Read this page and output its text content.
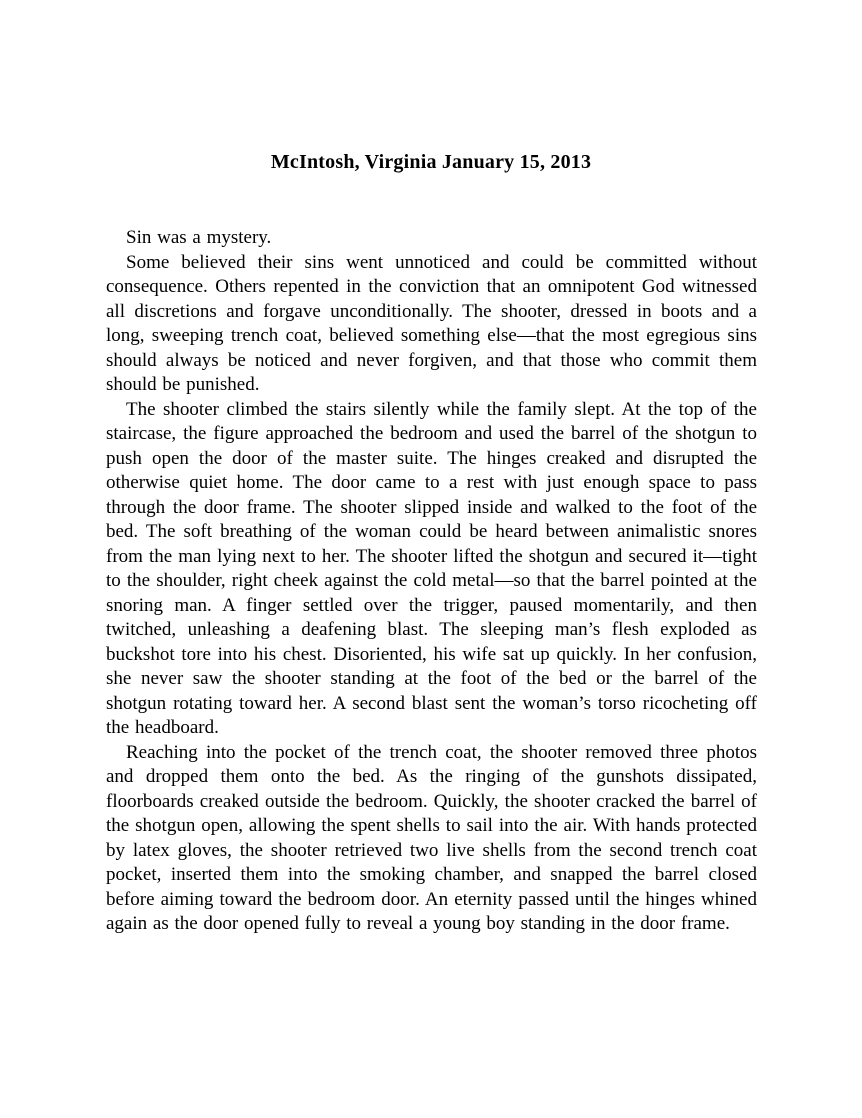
McIntosh, Virginia January 15, 2013

Sin was a mystery.

Some believed their sins went unnoticed and could be committed without consequence. Others repented in the conviction that an omnipotent God witnessed all discretions and forgave unconditionally. The shooter, dressed in boots and a long, sweeping trench coat, believed something else—that the most egregious sins should always be noticed and never forgiven, and that those who commit them should be punished.

The shooter climbed the stairs silently while the family slept. At the top of the staircase, the figure approached the bedroom and used the barrel of the shotgun to push open the door of the master suite. The hinges creaked and disrupted the otherwise quiet home. The door came to a rest with just enough space to pass through the door frame. The shooter slipped inside and walked to the foot of the bed. The soft breathing of the woman could be heard between animalistic snores from the man lying next to her. The shooter lifted the shotgun and secured it—tight to the shoulder, right cheek against the cold metal—so that the barrel pointed at the snoring man. A finger settled over the trigger, paused momentarily, and then twitched, unleashing a deafening blast. The sleeping man’s flesh exploded as buckshot tore into his chest. Disoriented, his wife sat up quickly. In her confusion, she never saw the shooter standing at the foot of the bed or the barrel of the shotgun rotating toward her. A second blast sent the woman’s torso ricocheting off the headboard.

Reaching into the pocket of the trench coat, the shooter removed three photos and dropped them onto the bed. As the ringing of the gunshots dissipated, floorboards creaked outside the bedroom. Quickly, the shooter cracked the barrel of the shotgun open, allowing the spent shells to sail into the air. With hands protected by latex gloves, the shooter retrieved two live shells from the second trench coat pocket, inserted them into the smoking chamber, and snapped the barrel closed before aiming toward the bedroom door. An eternity passed until the hinges whined again as the door opened fully to reveal a young boy standing in the door frame.
